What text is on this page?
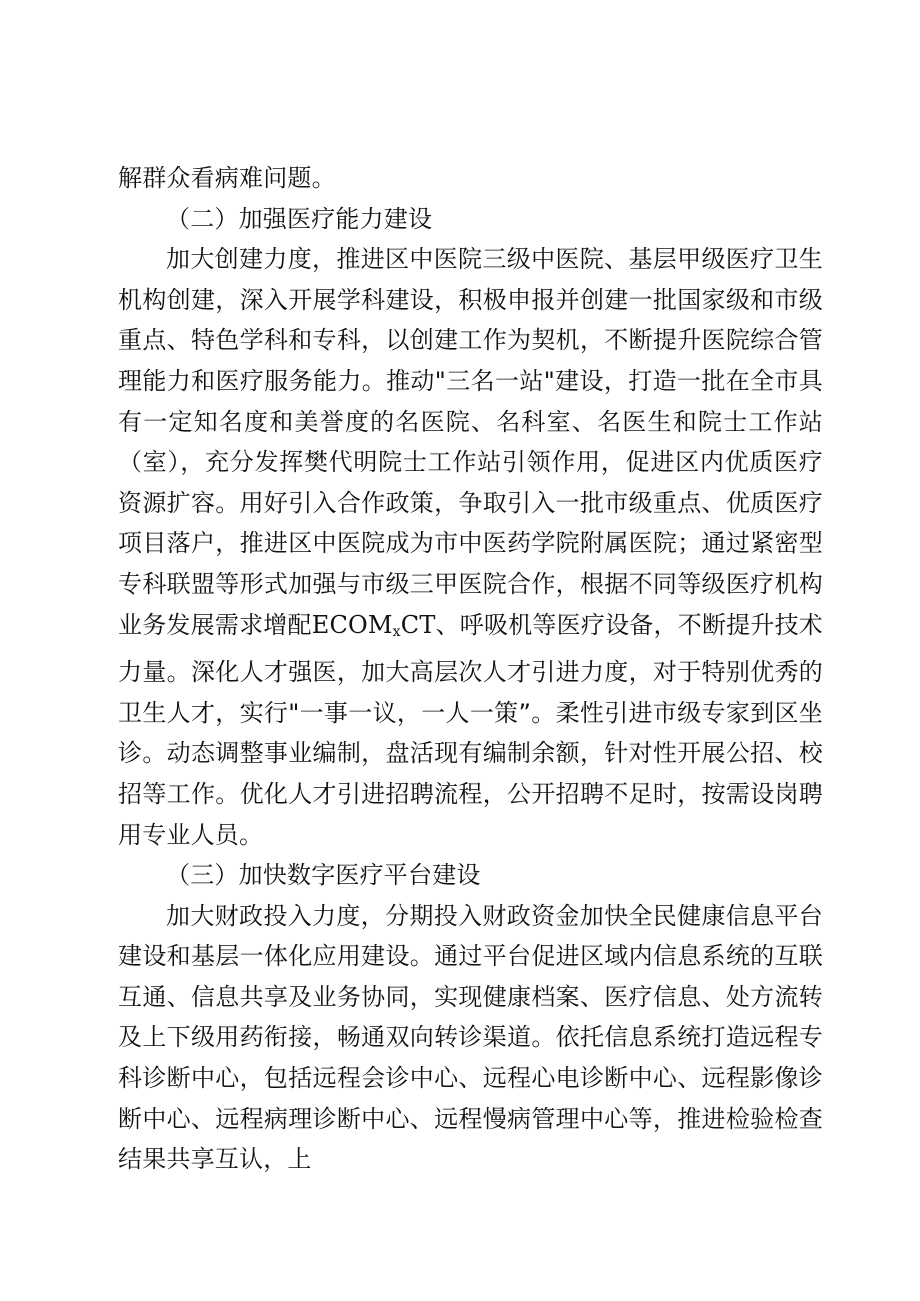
解群众看病难问题。

（二）加强医疗能力建设

加大创建力度，推进区中医院三级中医院、基层甲级医疗卫生机构创建，深入开展学科建设，积极申报并创建一批国家级和市级重点、特色学科和专科，以创建工作为契机，不断提升医院综合管理能力和医疗服务能力。推动"三名一站"建设，打造一批在全市具有一定知名度和美誉度的名医院、名科室、名医生和院士工作站（室），充分发挥樊代明院士工作站引领作用，促进区内优质医疗资源扩容。用好引入合作政策，争取引入一批市级重点、优质医疗项目落户，推进区中医院成为市中医药学院附属医院；通过紧密型专科联盟等形式加强与市级三甲医院合作，根据不同等级医疗机构业务发展需求增配$ECOM_xCT$、呼吸机等医疗设备，不断提升技术力量。深化人才强医，加大高层次人才引进力度，对于特别优秀的卫生人才，实行"一事一议，一人一策”。柔性引进市级专家到区坐诊。动态调整事业编制，盘活现有编制余额，针对性开展公招、校招等工作。优化人才引进招聘流程，公开招聘不足时，按需设岗聘用专业人员。

（三）加快数字医疗平台建设

加大财政投入力度，分期投入财政资金加快全民健康信息平台建设和基层一体化应用建设。通过平台促进区域内信息系统的互联互通、信息共享及业务协同，实现健康档案、医疗信息、处方流转及上下级用药衔接，畅通双向转诊渠道。依托信息系统打造远程专科诊断中心，包括远程会诊中心、远程心电诊断中心、远程影像诊断中心、远程病理诊断中心、远程慢病管理中心等，推进检验检查结果共享互认，上
